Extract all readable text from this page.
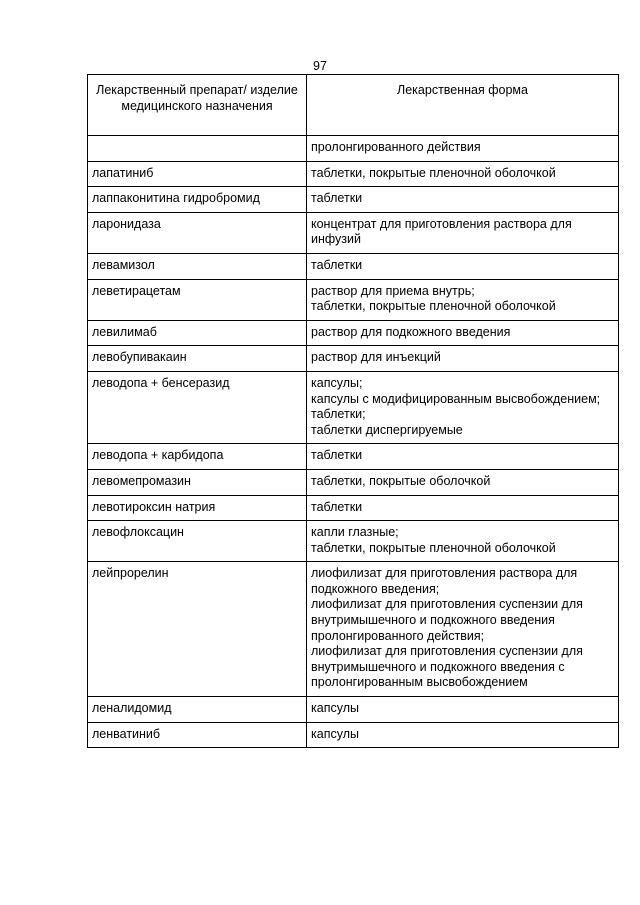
97
Лекарственный препарат/ изделие медицинского назначения	Лекарственная форма

	пролонгированного действия

лапатиниб	таблетки, покрытые пленочной оболочкой

лаппаконитина гидробромид	таблетки

ларонидаза	концентрат для приготовления раствора для инфузий

левамизол	таблетки

леветирацетам	раствор для приема внутрь;
таблетки, покрытые пленочной оболочкой

левилимаб	раствор для подкожного введения

левобупивакаин	раствор для инъекций

леводопа + бенсеразид	капсулы;
капсулы с модифицированным высвобождением;
таблетки;
таблетки диспергируемые

леводопа + карбидопа	таблетки

левомепромазин	таблетки, покрытые оболочкой

левотироксин натрия	таблетки

левофлоксацин	капли глазные;
таблетки, покрытые пленочной оболочкой

лейпрорелин	лиофилизат для приготовления раствора для подкожного введения;
лиофилизат для приготовления суспензии для внутримышечного и подкожного введения пролонгированного действия;
лиофилизат для приготовления суспензии для внутримышечного и подкожного введения с пролонгированным высвобождением

леналидомид	капсулы

ленватиниб	капсулы
